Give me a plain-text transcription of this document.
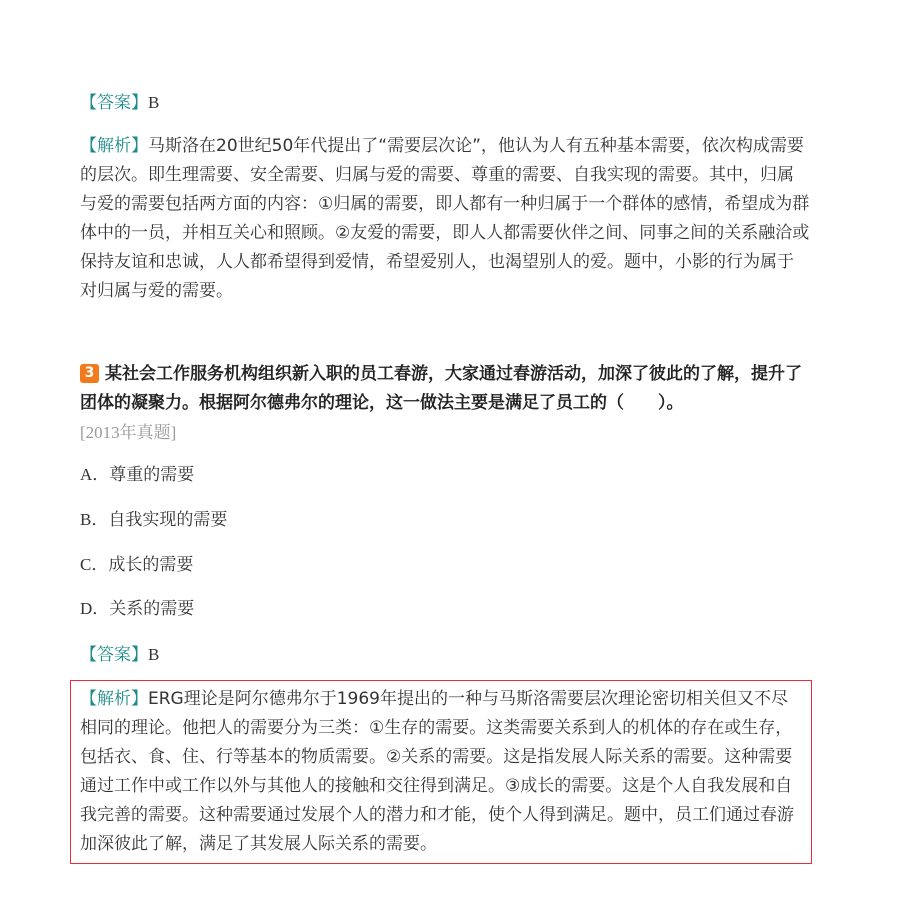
【答案】B
【解析】马斯洛在20世纪50年代提出了“需要层次论”，他认为人有五种基本需要，依次构成需要的层次。即生理需要、安全需要、归属与爱的需要、尊重的需要、自我实现的需要。其中，归属与爱的需要包括两方面的内容：①归属的需要，即人都有一种归属于一个群体的感情，希望成为群体中的一员，并相互关心和照顾。②友爱的需要，即人人都需要伙伴之间、同事之间的关系融洽或保持友谊和忠诚，人人都希望得到爱情，希望爱别人，也渴望别人的爱。题中，小影的行为属于对归属与爱的需要。
3 某社会工作服务机构组织新入职的员工春游，大家通过春游活动，加深了彼此的了解，提升了团体的凝聚力。根据阿尔德弗尔的理论，这一做法主要是满足了员工的（　　）。
[2013年真题]
A．尊重的需要
B．自我实现的需要
C．成长的需要
D．关系的需要
【答案】B
【解析】ERG理论是阿尔德弗尔于1969年提出的一种与马斯洛需要层次理论密切相关但又不尽相同的理论。他把人的需要分为三类：①生存的需要。这类需要关系到人的机体的存在或生存，包括衣、食、住、行等基本的物质需要。②关系的需要。这是指发展人际关系的需要。这种需要通过工作中或工作以外与其他人的接触和交往得到满足。③成长的需要。这是个人自我发展和自我完善的需要。这种需要通过发展个人的潜力和才能，使个人得到满足。题中，员工们通过春游加深彼此了解，满足了其发展人际关系的需要。
